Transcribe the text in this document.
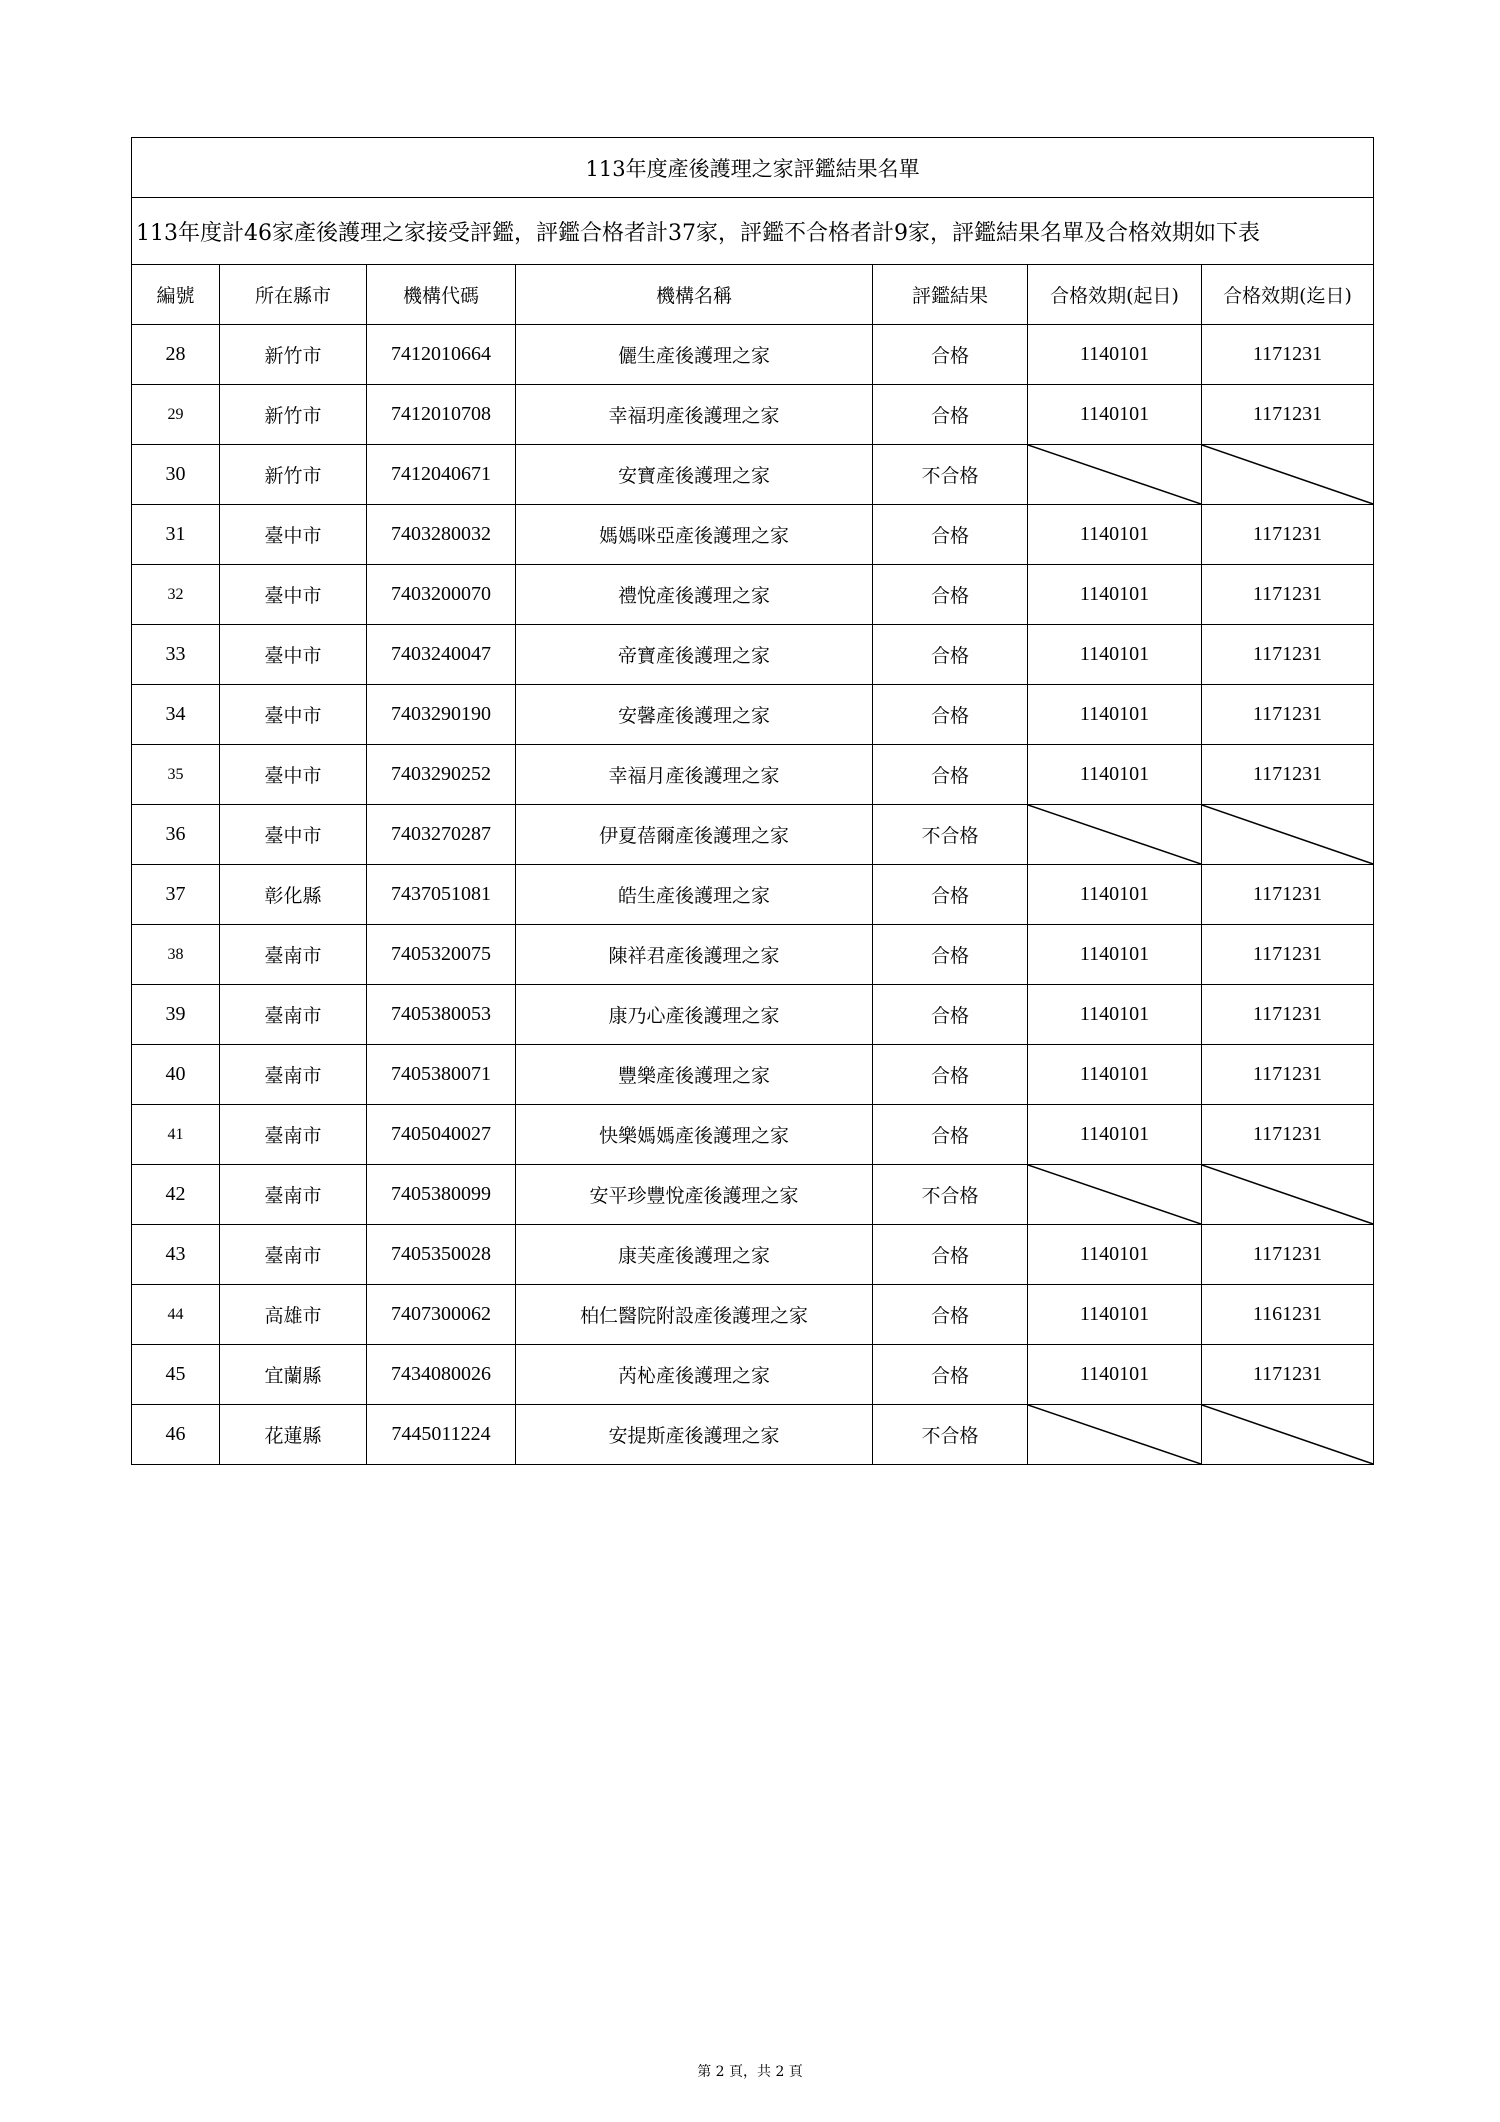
113年度產後護理之家評鑑結果名單						
113年度計46家產後護理之家接受評鑑，評鑑合格者計37家，評鑑不合格者計9家，評鑑結果名單及合格效期如下表						
編號	所在縣市	機構代碼	機構名稱	評鑑結果	合格效期(起日)	合格效期(迄日)
28	新竹市	7412010664	儷生產後護理之家	合格	1140101	1171231
29	新竹市	7412010708	幸福玥產後護理之家	合格	1140101	1171231
30	新竹市	7412040671	安寶產後護理之家	不合格	

31	臺中市	7403280032	媽媽咪亞產後護理之家	合格	1140101	1171231
32	臺中市	7403200070	禮悅產後護理之家	合格	1140101	1171231
33	臺中市	7403240047	帝寶產後護理之家	合格	1140101	1171231
34	臺中市	7403290190	安馨產後護理之家	合格	1140101	1171231
35	臺中市	7403290252	幸福月產後護理之家	合格	1140101	1171231
36	臺中市	7403270287	伊夏蓓爾產後護理之家	不合格	

37	彰化縣	7437051081	皓生產後護理之家	合格	1140101	1171231
38	臺南市	7405320075	陳祥君產後護理之家	合格	1140101	1171231
39	臺南市	7405380053	康乃心產後護理之家	合格	1140101	1171231
40	臺南市	7405380071	豐樂產後護理之家	合格	1140101	1171231
41	臺南市	7405040027	快樂媽媽產後護理之家	合格	1140101	1171231
42	臺南市	7405380099	安平珍豐悅產後護理之家	不合格	

43	臺南市	7405350028	康芙產後護理之家	合格	1140101	1171231
44	高雄市	7407300062	柏仁醫院附設產後護理之家	合格	1140101	1161231
45	宜蘭縣	7434080026	芮杺產後護理之家	合格	1140101	1171231
46	花蓮縣	7445011224	安提斯產後護理之家	不合格	

第 2 頁，共 2 頁
